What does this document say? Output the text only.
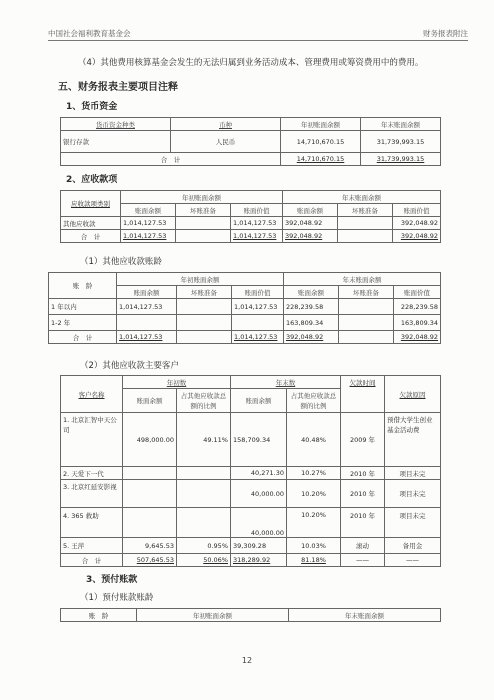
中国社会福利教育基金会	财务报表附注
（4）其他费用核算基金会发生的无法归属到业务活动成本、管理费用或筹资费用中的费用。
五、财务报表主要项目注释
1、货币资金
货币资金种类	币种	年初账面余额	年末账面余额
银行存款	人民币	14,710,670.15	31,739,993.15
合　计		14,710,670.15	31,739,993.15
2、应收款项
应收款项类别	年初账面余额			年末账面余额		
	账面余额	坏账准备	账面价值	账面余额	坏账准备	账面价值
其他应收款	1,014,127.53		1,014,127.53	392,048.92		392,048.92
合　计	1,014,127.53		1,014,127.53	392,048.92		392,048.92
（1）其他应收款账龄
账　龄	年初账面余额			年末账面余额		
	账面余额	坏账准备	账面价值	账面余额	坏账准备	账面价值
1 年以内	1,014,127.53		1,014,127.53	228,239.58		228,239.58
1-2 年				163,809.34		163,809.34
合　计	1,014,127.53		1,014,127.53	392,048.92		392,048.92
（2）其他应收款主要客户
客户名称	年初数		年末数		欠款时间	欠款原因
	账面余额	占其他应收款总额的比例	账面余额	占其他应收款总额的比例		
1. 北京汇智中天公司	498,000.00	49.11%	158,709.34	40.48%	2009 年	预借大学生创业基金活动费
2. 天爱下一代			40,271.30	10.27%	2010 年	项目未完
3. 北京红延安影视			40,000.00	10.20%	2010 年	项目未完
4. 365 救助			40,000.00	10.20%	2010 年	项目未完
5. 王萍	9,645.53	0.95%	39,309.28	10.03%	滚动	备用金
合　计	507,645.53	50.06%	318,289.92	81.18%	——	——
3、预付账款
（1）预付账款账龄
账　龄	年初账面余额	年末账面余额
12
